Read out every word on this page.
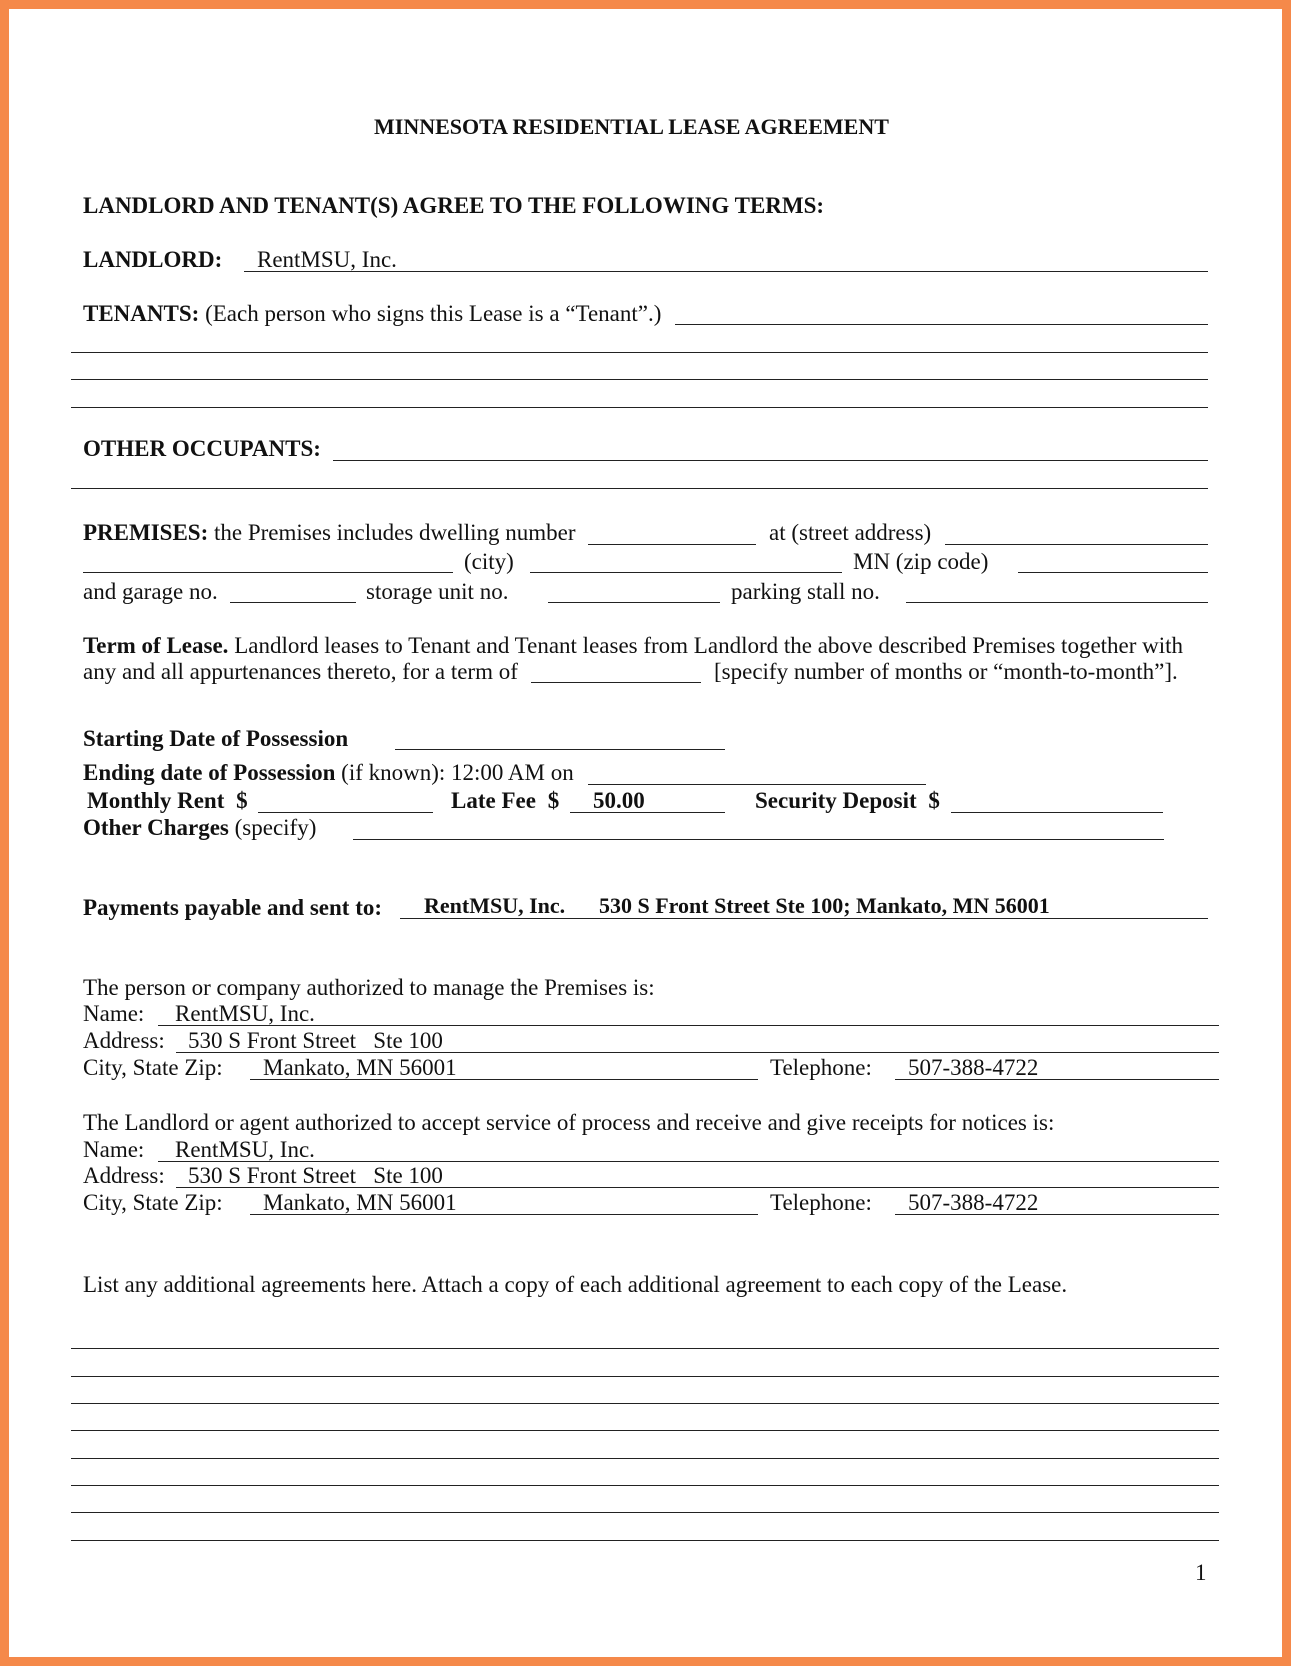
MINNESOTA RESIDENTIAL LEASE AGREEMENT
LANDLORD AND TENANT(S) AGREE TO THE FOLLOWING TERMS:
LANDLORD: RentMSU, Inc.
TENANTS: (Each person who signs this Lease is a “Tenant”.)
OTHER OCCUPANTS:
PREMISES: the Premises includes dwelling number	at (street address)
(city)	MN (zip code)
and garage no.	storage unit no.	parking stall no.
Term of Lease. Landlord leases to Tenant and Tenant leases from Landlord the above described Premises together with
any and all appurtenances thereto, for a term of	[specify number of months or “month-to-month”].
Starting Date of Possession
Ending date of Possession (if known): 12:00 AM on
Monthly Rent $	Late Fee $ 50.00	Security Deposit $
Other Charges (specify)
Payments payable and sent to: RentMSU, Inc. 530 S Front Street Ste 100; Mankato, MN 56001
The person or company authorized to manage the Premises is:
Name: RentMSU, Inc.
Address: 530 S Front Street   Ste 100
City, State Zip: Mankato, MN 56001	Telephone: 507-388-4722
The Landlord or agent authorized to accept service of process and receive and give receipts for notices is:
Name: RentMSU, Inc.
Address: 530 S Front Street   Ste 100
City, State Zip: Mankato, MN 56001	Telephone: 507-388-4722
List any additional agreements here. Attach a copy of each additional agreement to each copy of the Lease.
1
